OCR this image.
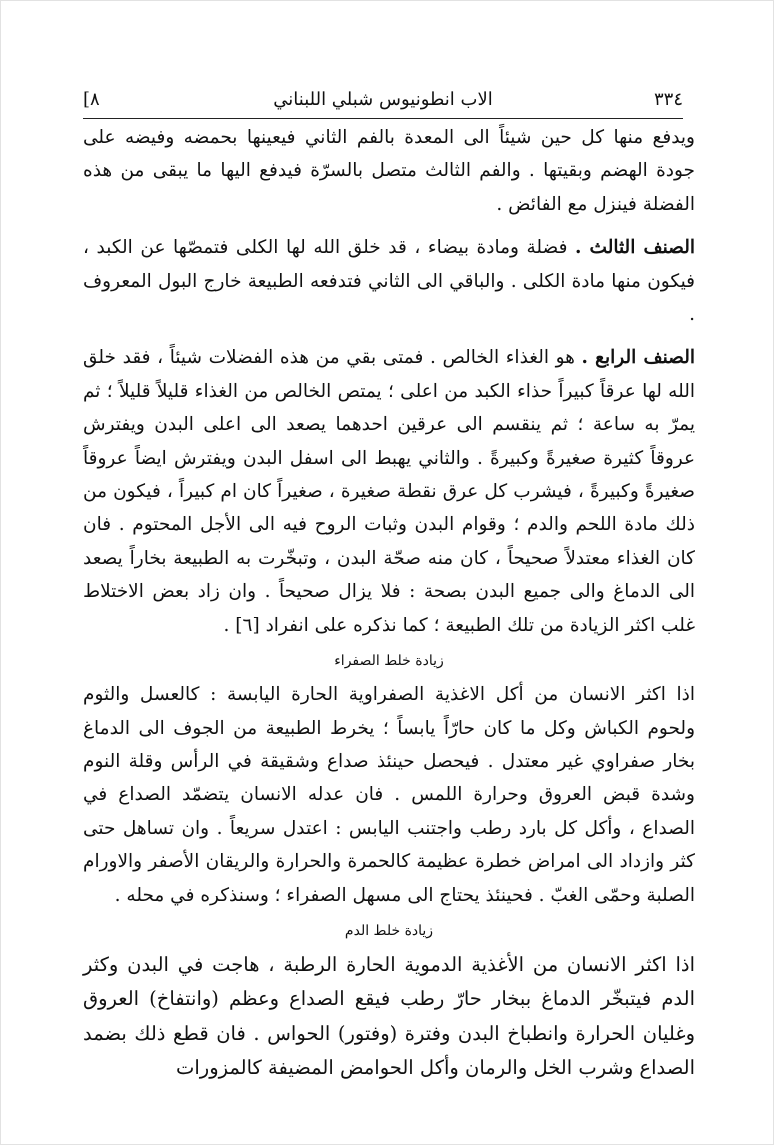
[٨	الاب انطونيوس شبلي اللبناني	٣٣٤

ويدفع منها كل حين شيئاً الى المعدة بالفم الثاني فيعينها بحمضه وفيضه على جودة الهضم وبقيتها . والفم الثالث متصل بالسرّة فيدفع اليها ما يبقى من هذه الفضلة فينزل مع الفائض .

الصنف الثالث . فضلة ومادة بيضاء ، قد خلق الله لها الكلى فتمصّها عن الكبد ، فيكون منها مادة الكلى . والباقي الى الثاني فتدفعه الطبيعة خارج البول المعروف .

الصنف الرابع . هو الغذاء الخالص . فمتى بقي من هذه الفضلات شيئاً ، فقد خلق الله لها عرقاً كبيراً حذاء الكبد من اعلى ؛ يمتص الخالص من الغذاء قليلاً قليلاً ؛ ثم يمرّ به ساعة ؛ ثم ينقسم الى عرقين احدهما يصعد الى اعلى البدن ويفترش عروقاً كثيرة صغيرةً وكبيرةً . والثاني يهبط الى اسفل البدن ويفترش ايضاً عروقاً صغيرةً وكبيرةً ، فيشرب كل عرق نقطة صغيرة ، صغيراً كان ام كبيراً ، فيكون من ذلك مادة اللحم والدم ؛ وقوام البدن وثبات الروح فيه الى الأجل المحتوم . فان كان الغذاء معتدلاً صحيحاً ، كان منه صحّة البدن ، وتبخّرت به الطبيعة بخاراً يصعد الى الدماغ والى جميع البدن بصحة : فلا يزال صحيحاً . وان زاد بعض الاختلاط غلب اكثر الزيادة من تلك الطبيعة ؛ كما نذكره على انفراد [٦] .

زيادة خلط الصفراء

اذا اكثر الانسان من أكل الاغذية الصفراوية الحارة اليابسة : كالعسل والثوم ولحوم الكباش وكل ما كان حارّاً يابساً ؛ يخرط الطبيعة من الجوف الى الدماغ بخار صفراوي غير معتدل . فيحصل حينئذ صداع وشقيقة في الرأس وقلة النوم وشدة قبض العروق وحرارة اللمس . فان عدله الانسان يتضمّد الصداع في الصداع ، وأكل كل بارد رطب واجتنب اليابس : اعتدل سريعاً . وان تساهل حتى كثر وازداد الى امراض خطرة عظيمة كالحمرة والحرارة والريقان الأصفر والاورام الصلبة وحمّى الغبّ . فحينئذ يحتاج الى مسهل الصفراء ؛ وسنذكره في محله .

زيادة خلط الدم

اذا اكثر الانسان من الأغذية الدموية الحارة الرطبة ، هاجت في البدن وكثر الدم فيتبخّر الدماغ ببخار حارّ رطب فيقع الصداع وعظم (وانتفاخ) العروق وغليان الحرارة وانطباخ البدن وفترة (وفتور) الحواس . فان قطع ذلك بضمد الصداع وشرب الخل والرمان وأكل الحوامض المضيفة كالمزورات
